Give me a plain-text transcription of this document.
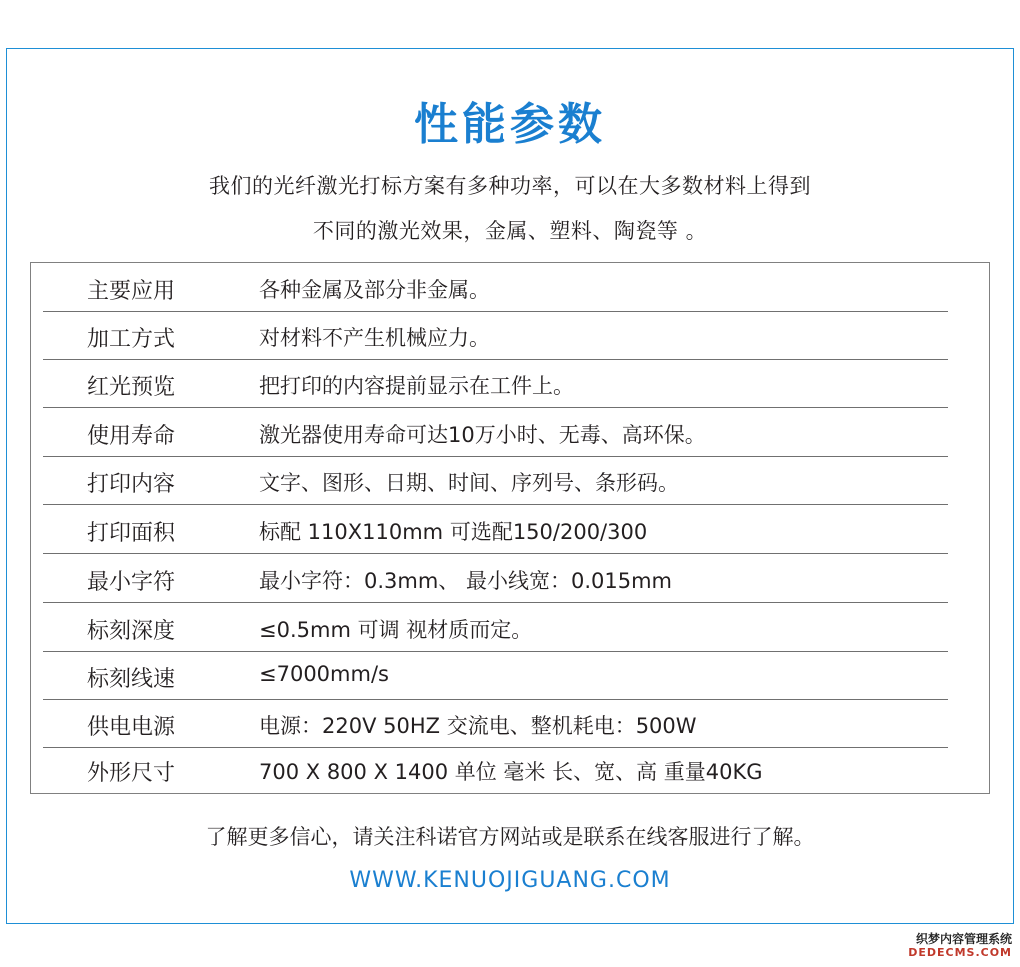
性能参数
我们的光纤激光打标方案有多种功率，可以在大多数材料上得到
不同的激光效果，金属、塑料、陶瓷等 。
主要应用	各种金属及部分非金属。
加工方式	对材料不产生机械应力。
红光预览	把打印的内容提前显示在工件上。
使用寿命	激光器使用寿命可达10万小时、无毒、高环保。
打印内容	文字、图形、日期、时间、序列号、条形码。
打印面积	标配 110X110mm 可选配150/200/300
最小字符	最小字符：0.3mm、 最小线宽：0.015mm
标刻深度	≤0.5mm 可调 视材质而定。
标刻线速	≤7000mm/s
供电电源	电源：220V 50HZ 交流电、整机耗电：500W
外形尺寸	700 X 800 X 1400 单位 毫米 长、宽、高 重量40KG
了解更多信心，请关注科诺官方网站或是联系在线客服进行了解。
WWW.KENUOJIGUANG.COM
织梦内容管理系统
DEDECMS.COM
